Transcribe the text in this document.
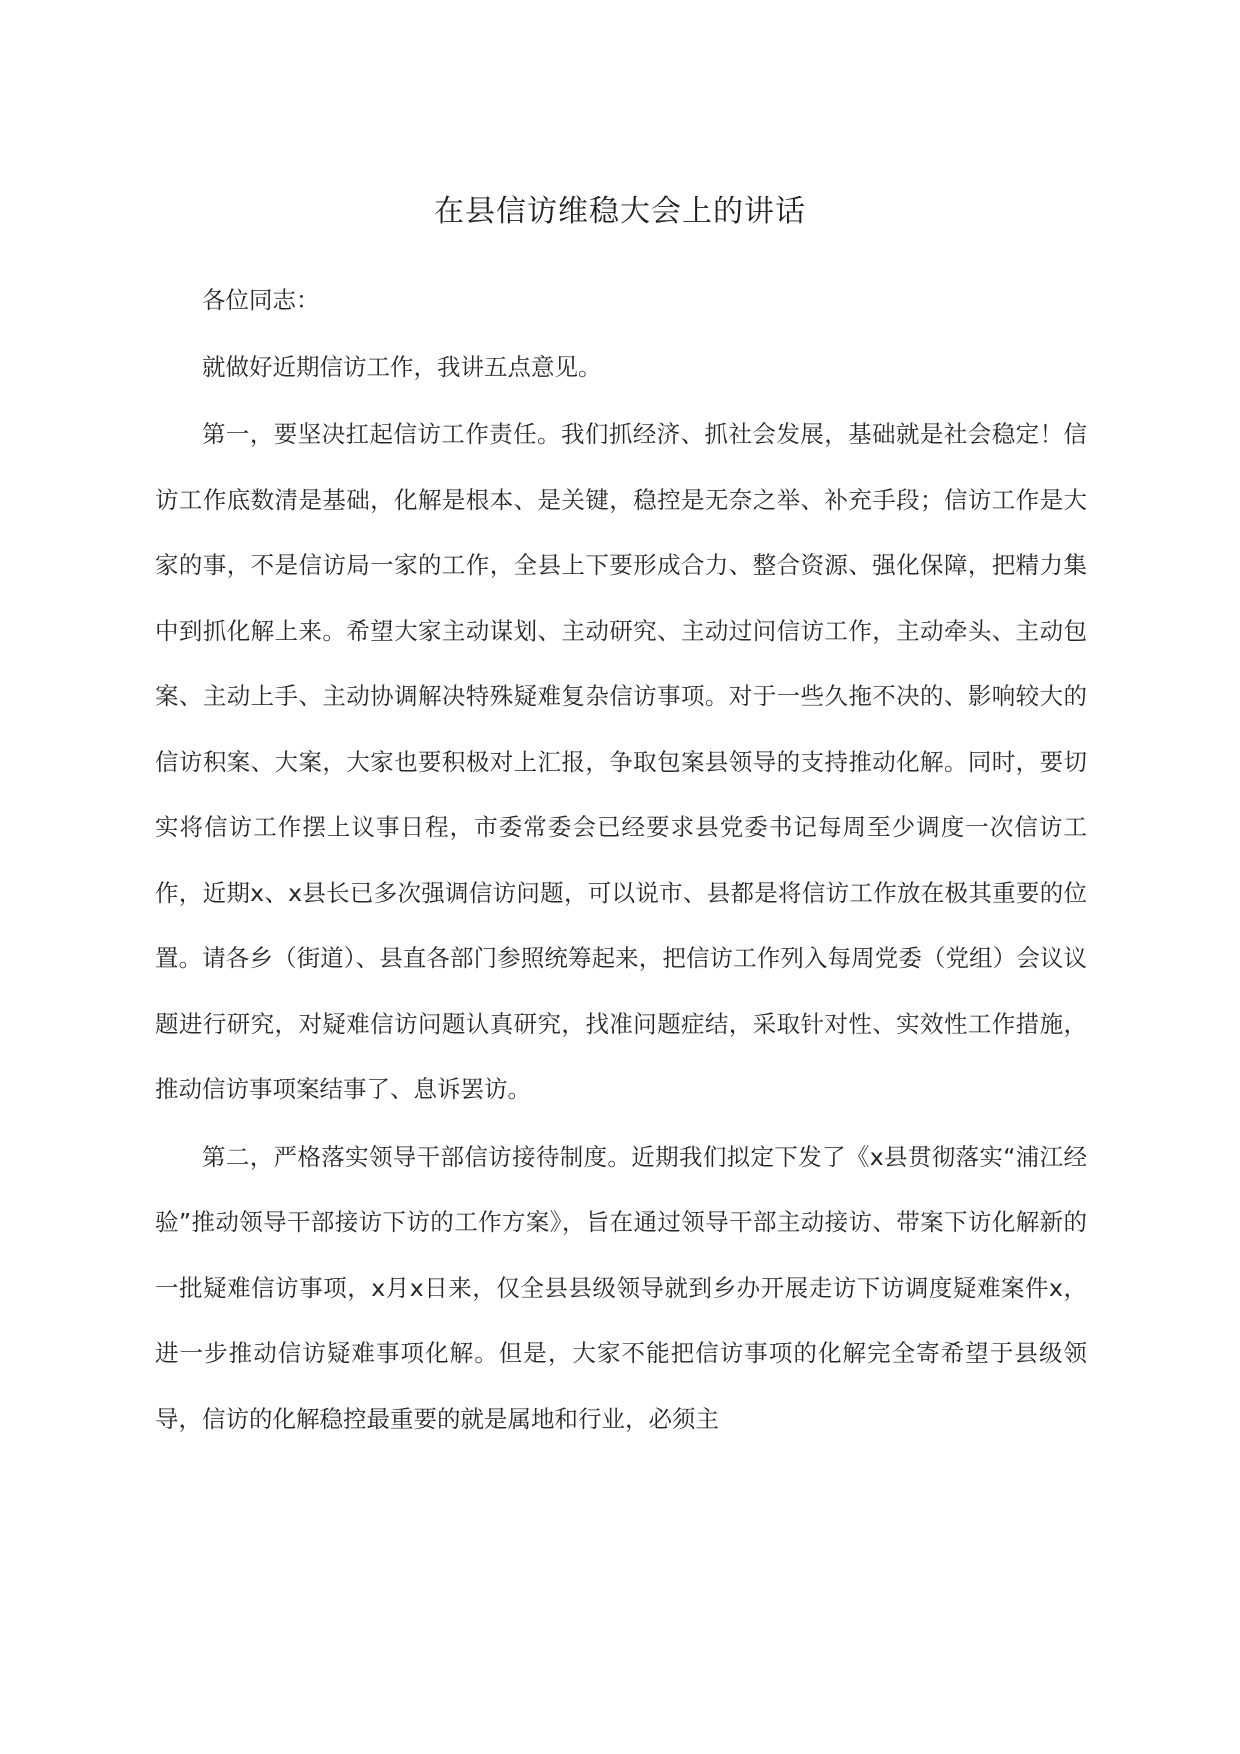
在县信访维稳大会上的讲话

各位同志：

就做好近期信访工作，我讲五点意见。

第一，要坚决扛起信访工作责任。我们抓经济、抓社会发展，基础就是社会稳定！信访工作底数清是基础，化解是根本、是关键，稳控是无奈之举、补充手段；信访工作是大家的事，不是信访局一家的工作，全县上下要形成合力、整合资源、强化保障，把精力集中到抓化解上来。希望大家主动谋划、主动研究、主动过问信访工作，主动牵头、主动包案、主动上手、主动协调解决特殊疑难复杂信访事项。对于一些久拖不决的、影响较大的信访积案、大案，大家也要积极对上汇报，争取包案县领导的支持推动化解。同时，要切实将信访工作摆上议事日程，市委常委会已经要求县党委书记每周至少调度一次信访工作，近期x、x县长已多次强调信访问题，可以说市、县都是将信访工作放在极其重要的位置。请各乡（街道）、县直各部门参照统筹起来，把信访工作列入每周党委（党组）会议议题进行研究，对疑难信访问题认真研究，找准问题症结，采取针对性、实效性工作措施，推动信访事项案结事了、息诉罢访。

第二，严格落实领导干部信访接待制度。近期我们拟定下发了《x县贯彻落实“浦江经验”推动领导干部接访下访的工作方案》，旨在通过领导干部主动接访、带案下访化解新的一批疑难信访事项，x月x日来，仅全县县级领导就到乡办开展走访下访调度疑难案件x，进一步推动信访疑难事项化解。但是，大家不能把信访事项的化解完全寄希望于县级领导，信访的化解稳控最重要的就是属地和行业，必须主
